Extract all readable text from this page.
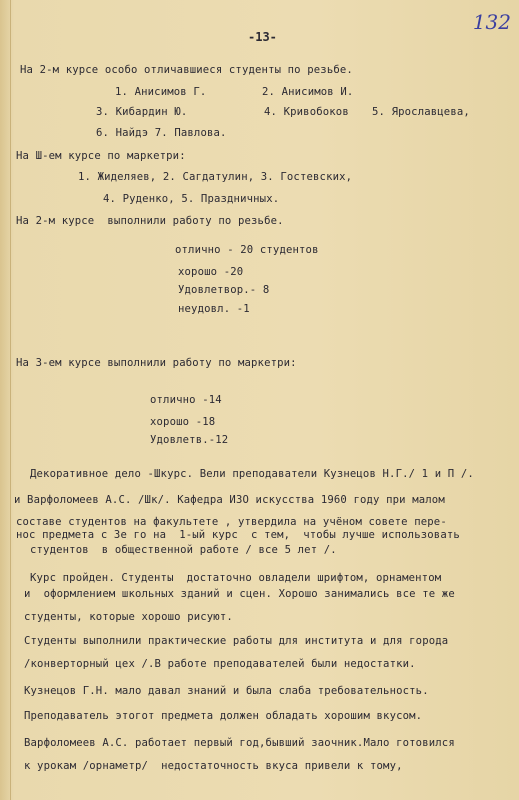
-13-
132
На 2-м курсе особо отличавшиеся студенты по резьбе.
1. Анисимов Г.	2. Анисимов И.
3. Кибардин Ю.	4. Кривобоков 5. Ярославцева,
6. Найдэ 7. Павлова.
На Ш-ем курсе по маркетри:
1. Жиделяев, 2. Сагдатулин, 3. Гостевских,
4. Руденко, 5. Праздничных.
На 2-м курсе  выполнили работу по резьбе.
отлично - 20 студентов
хорошо -20
Удовлетвор.- 8
неудовл. -1
На 3-ем курсе выполнили работу по маркетри:
отлично -14
хорошо -18
Удовлетв.-12
Декоративное дело -Шкурс. Вели преподаватели Кузнецов Н.Г./ 1 и П /.
и Варфоломеев А.С. /Шк/. Кафедра ИЗО искусства 1960 году при малом
составе студентов на факультете , утвердила на учёном совете пере-
нос предмета с 3е го на  1-ый курс  с тем,  чтобы лучше использовать
студентов  в общественной работе / все 5 лет /.
Курс пройден. Студенты  достаточно овладели шрифтом, орнаментом
и  оформлением школьных зданий и сцен. Хорошо занимались все те же
студенты, которые хорошо рисуют.
Студенты выполнили практические работы для института и для города
/конверторный цех /.В работе преподавателей были недостатки.
Кузнецов Г.Н. мало давал знаний и была слаба требовательность.
Преподаватель этогот предмета должен обладать хорошим вкусом.
Варфоломеев А.С. работает первый год,бывший заочник.Мало готовился
к урокам /орнаметр/  недостаточность вкуса привели к тому,
